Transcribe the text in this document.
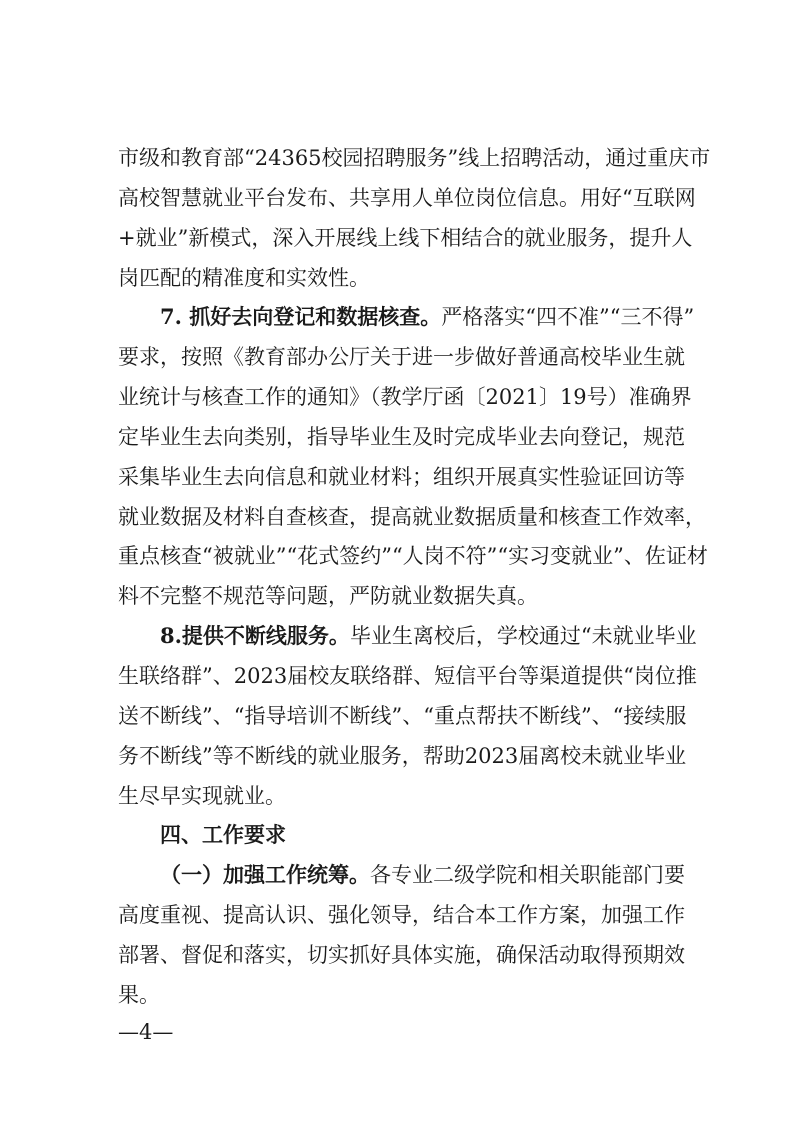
市级和教育部“24365校园招聘服务”线上招聘活动，通过重庆市
高校智慧就业平台发布、共享用人单位岗位信息。用好“互联网
+就业”新模式，深入开展线上线下相结合的就业服务，提升人
岗匹配的精准度和实效性。
7. 抓好去向登记和数据核查。严格落实“四不准”“三不得”
要求，按照《教育部办公厅关于进一步做好普通高校毕业生就
业统计与核查工作的通知》（教学厅函〔2021〕19号）准确界
定毕业生去向类别，指导毕业生及时完成毕业去向登记，规范
采集毕业生去向信息和就业材料；组织开展真实性验证回访等
就业数据及材料自查核查，提高就业数据质量和核查工作效率，
重点核查“被就业”“花式签约”“人岗不符”“实习变就业”、佐证材
料不完整不规范等问题，严防就业数据失真。
8.提供不断线服务。毕业生离校后，学校通过“未就业毕业
生联络群”、2023届校友联络群、短信平台等渠道提供“岗位推
送不断线”、“指导培训不断线”、“重点帮扶不断线”、“接续服
务不断线”等不断线的就业服务，帮助2023届离校未就业毕业
生尽早实现就业。
四、工作要求
（一）加强工作统筹。各专业二级学院和相关职能部门要
高度重视、提高认识、强化领导，结合本工作方案，加强工作
部署、督促和落实，切实抓好具体实施，确保活动取得预期效
果。
—4—
